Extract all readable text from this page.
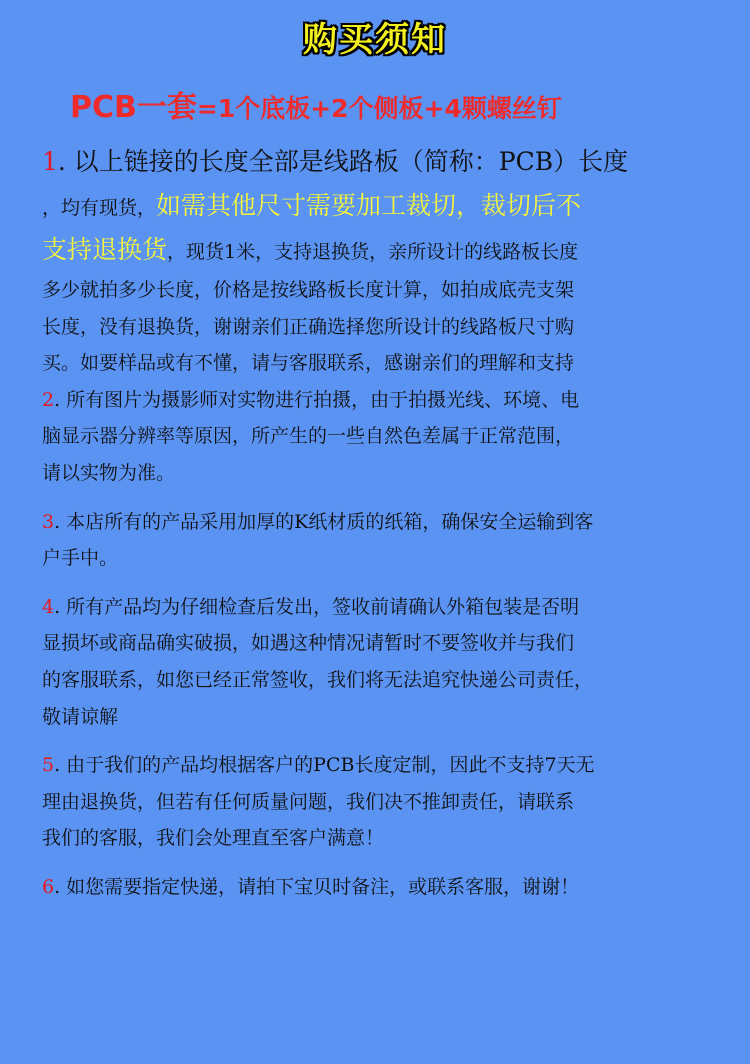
购买须知
PCB一套=1个底板+2个侧板+4颗螺丝钉
1. 以上链接的长度全部是线路板（简称：PCB）长度
，均有现货，如需其他尺寸需要加工裁切，裁切后不
支持退换货，现货1米，支持退换货，亲所设计的线路板长度
多少就拍多少长度，价格是按线路板长度计算，如拍成底壳支架
长度，没有退换货，谢谢亲们正确选择您所设计的线路板尺寸购
买。如要样品或有不懂，请与客服联系，感谢亲们的理解和支持
2. 所有图片为摄影师对实物进行拍摄，由于拍摄光线、环境、电
脑显示器分辨率等原因，所产生的一些自然色差属于正常范围，
请以实物为准。
3. 本店所有的产品采用加厚的K纸材质的纸箱，确保安全运输到客
户手中。
4. 所有产品均为仔细检查后发出，签收前请确认外箱包装是否明
显损坏或商品确实破损，如遇这种情况请暂时不要签收并与我们
的客服联系，如您已经正常签收，我们将无法追究快递公司责任，
敬请谅解
5. 由于我们的产品均根据客户的PCB长度定制，因此不支持7天无
理由退换货，但若有任何质量问题，我们决不推卸责任，请联系
我们的客服，我们会处理直至客户满意！
6. 如您需要指定快递，请拍下宝贝时备注，或联系客服，谢谢！
